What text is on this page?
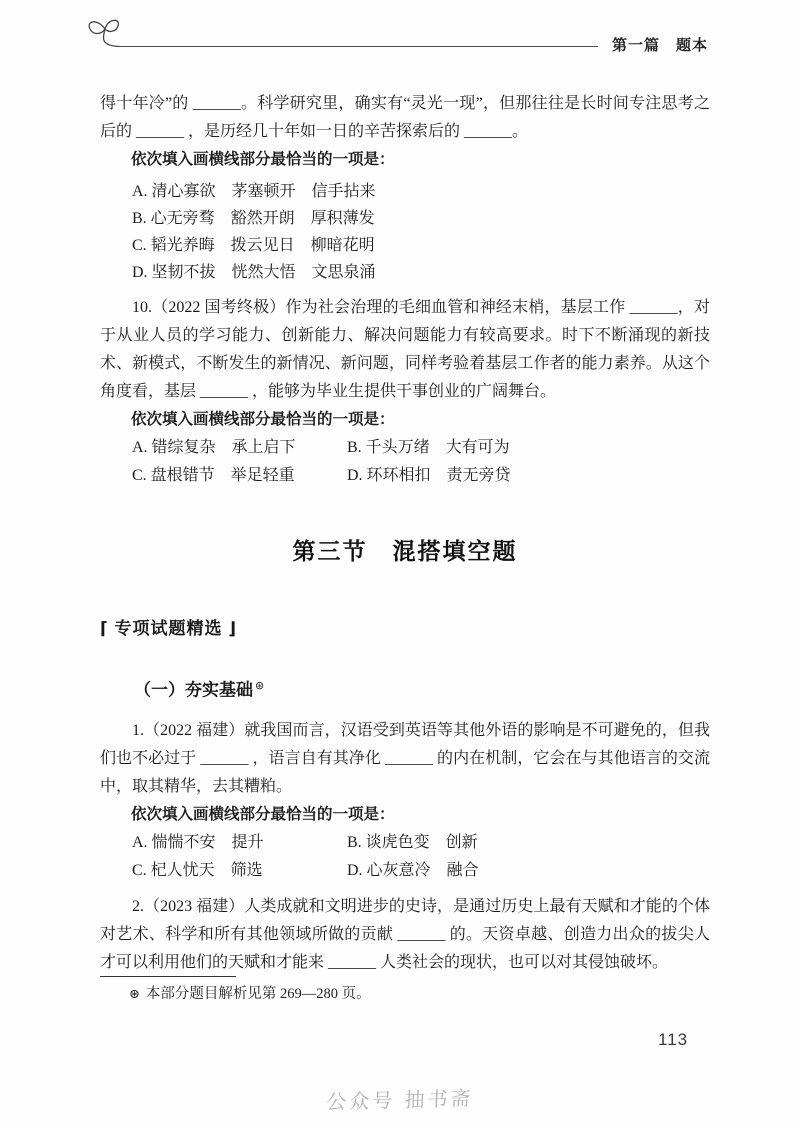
第一篇　题本

得十年冷”的 ______。科学研究里，确实有“灵光一现”，但那往往是长时间专注思考之后的 ______ ，是历经几十年如一日的辛苦探索后的 ______。

依次填入画横线部分最恰当的一项是：

A. 清心寡欲　茅塞顿开　信手拈来
B. 心无旁骛　豁然开朗　厚积薄发
C. 韬光养晦　拨云见日　柳暗花明
D. 坚韧不拔　恍然大悟　文思泉涌

10.（2022 国考终极）作为社会治理的毛细血管和神经末梢，基层工作 ______，对于从业人员的学习能力、创新能力、解决问题能力有较高要求。时下不断涌现的新技术、新模式，不断发生的新情况、新问题，同样考验着基层工作者的能力素养。从这个角度看，基层 ______ ，能够为毕业生提供干事创业的广阔舞台。

依次填入画横线部分最恰当的一项是：

A. 错综复杂　承上启下	B. 千头万绪　大有可为
C. 盘根错节　举足轻重	D. 环环相扣　责无旁贷
第三节　混搭填空题
⌈ 专项试题精选 ⌋
（一）夯实基础 ⊛

1.（2022 福建）就我国而言，汉语受到英语等其他外语的影响是不可避免的，但我们也不必过于 ______ ，语言自有其净化 ______ 的内在机制，它会在与其他语言的交流中，取其精华，去其糟粕。

依次填入画横线部分最恰当的一项是：

A. 惴惴不安　提升	B. 谈虎色变　创新
C. 杞人忧天　筛选	D. 心灰意冷　融合

2.（2023 福建）人类成就和文明进步的史诗，是通过历史上最有天赋和才能的个体对艺术、科学和所有其他领域所做的贡献 ______ 的。天资卓越、创造力出众的拔尖人才可以利用他们的天赋和才能来 ______ 人类社会的现状，也可以对其侵蚀破坏。

⊛ 本部分题目解析见第 269—280 页。

113
公众号 抽书斋
